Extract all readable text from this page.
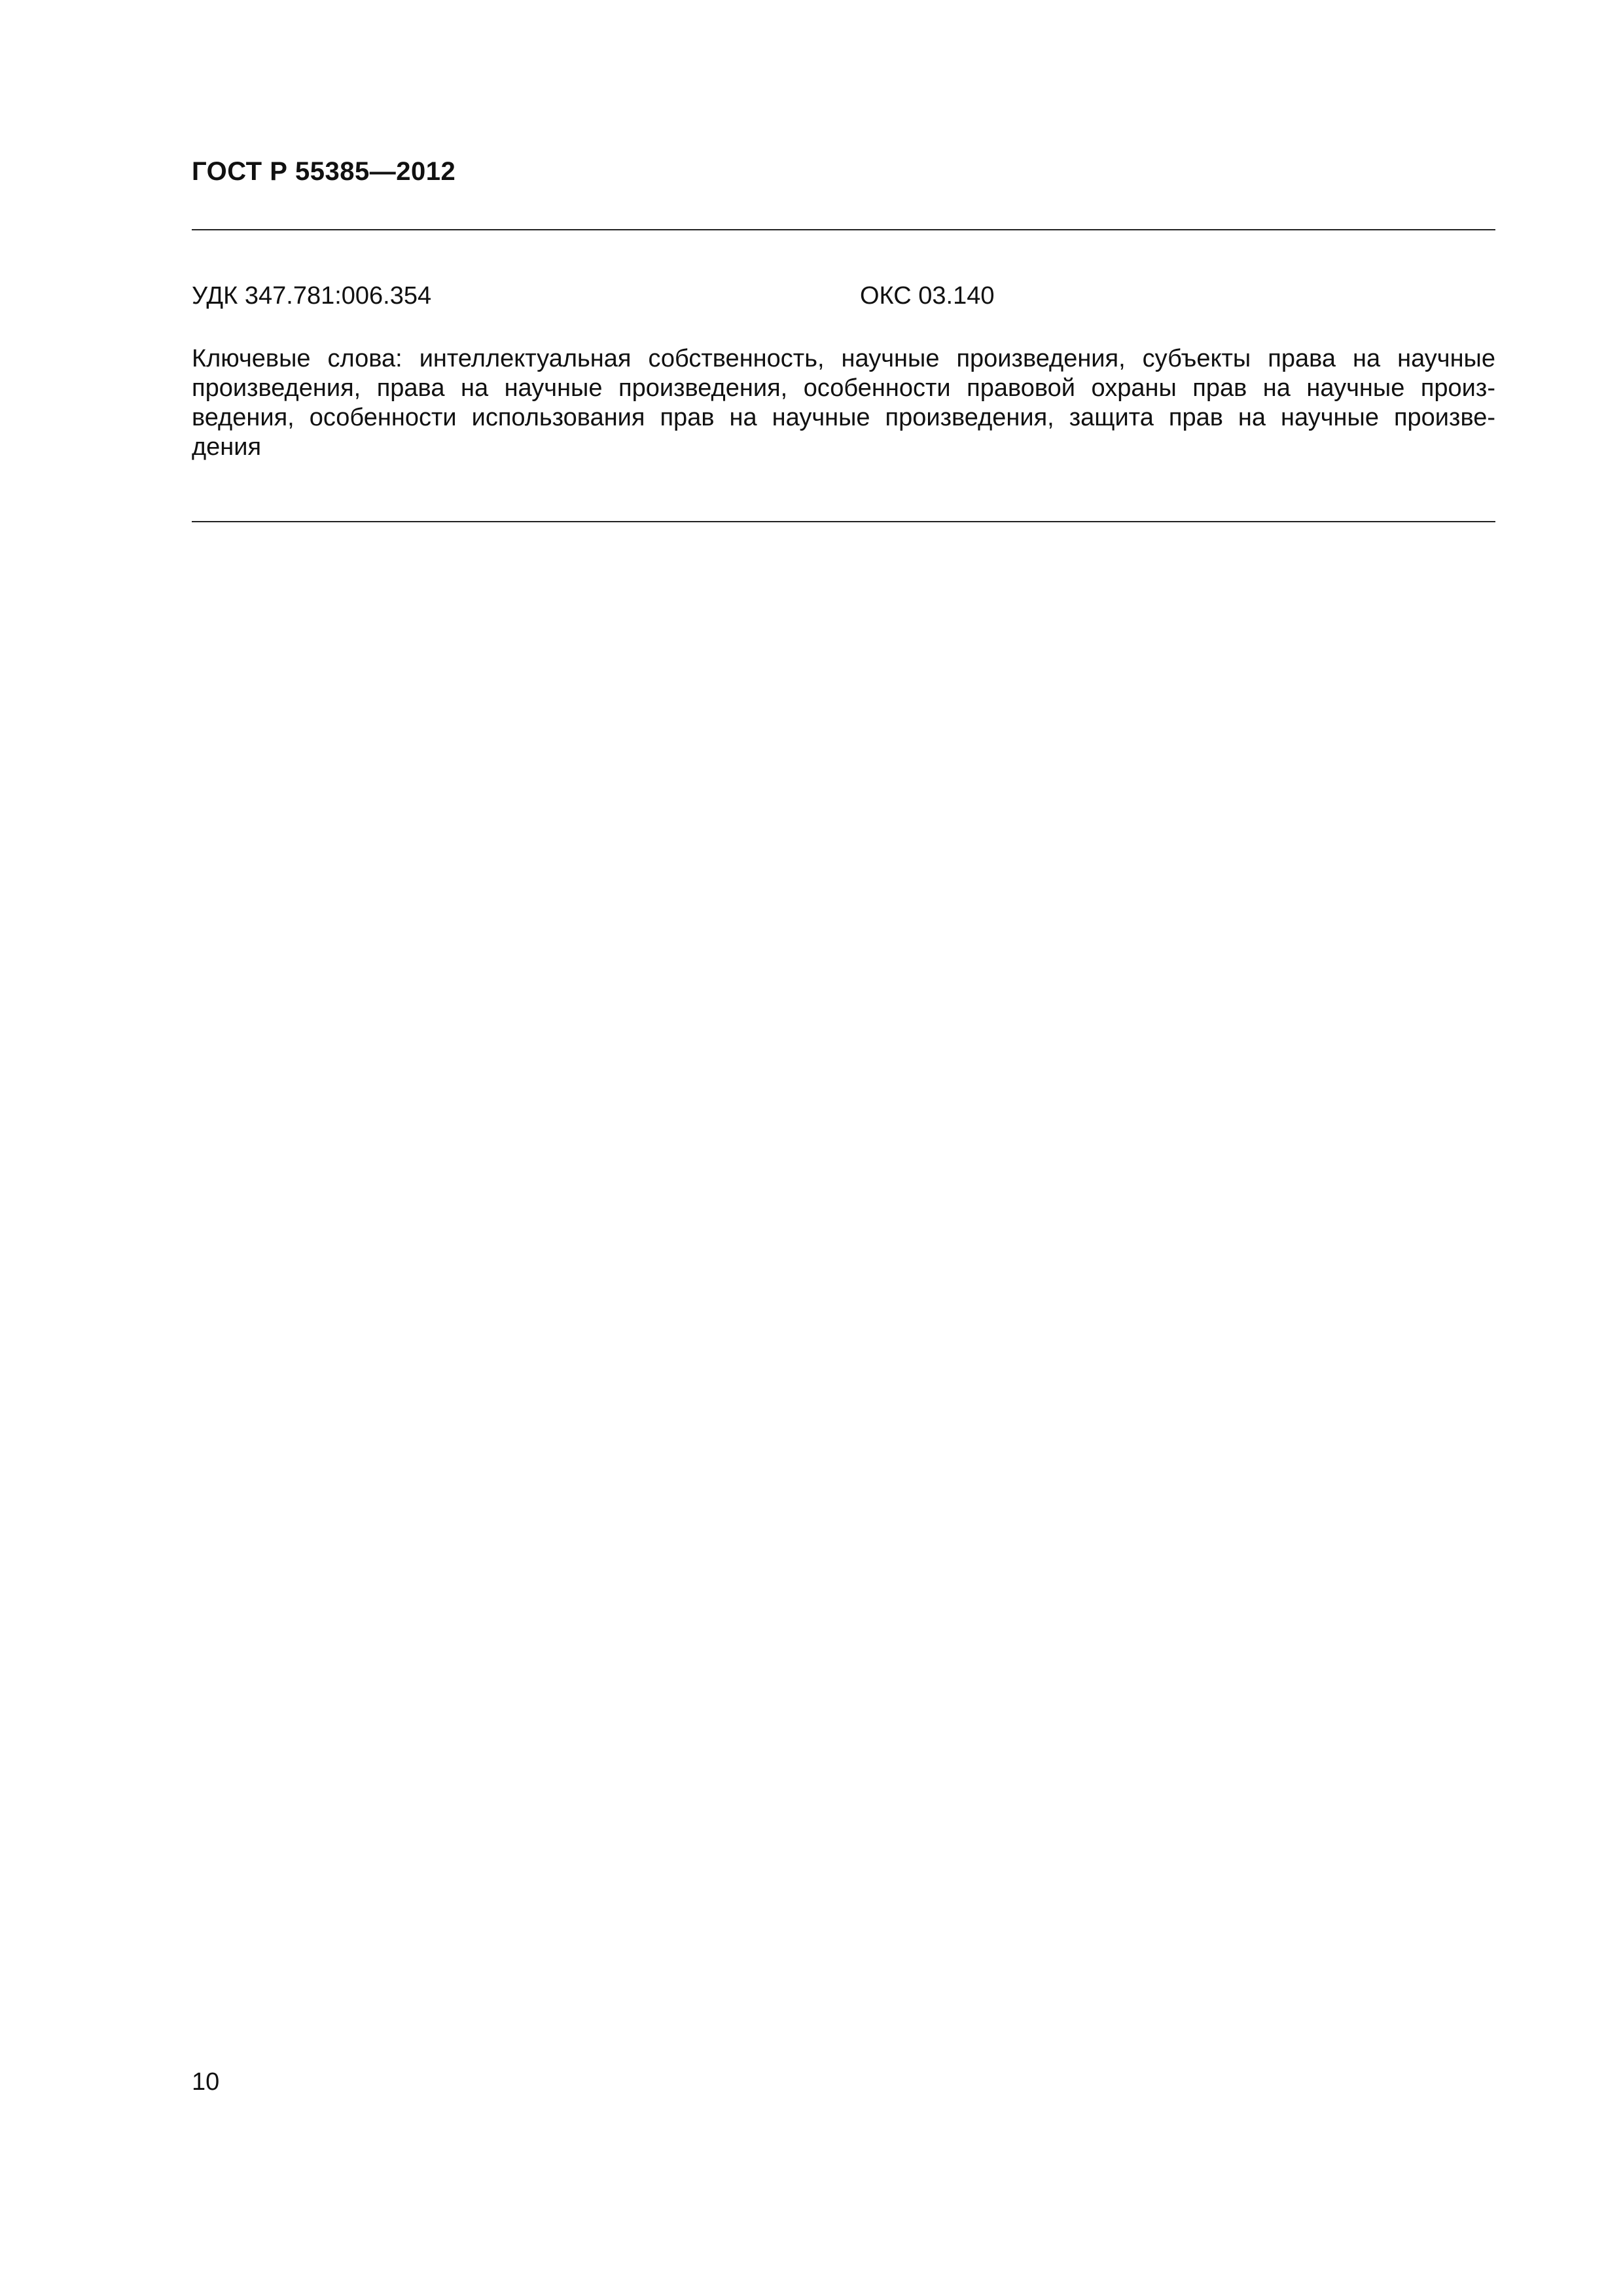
ГОСТ Р 55385—2012
УДК 347.781:006.354	ОКС 03.140
Ключевые слова: интеллектуальная собственность, научные произведения, субъекты права на научные
произведения, права на научные произведения, особенности правовой охраны прав на научные произ-
ведения, особенности использования прав на научные произведения, защита прав на научные произве-
дения
10
